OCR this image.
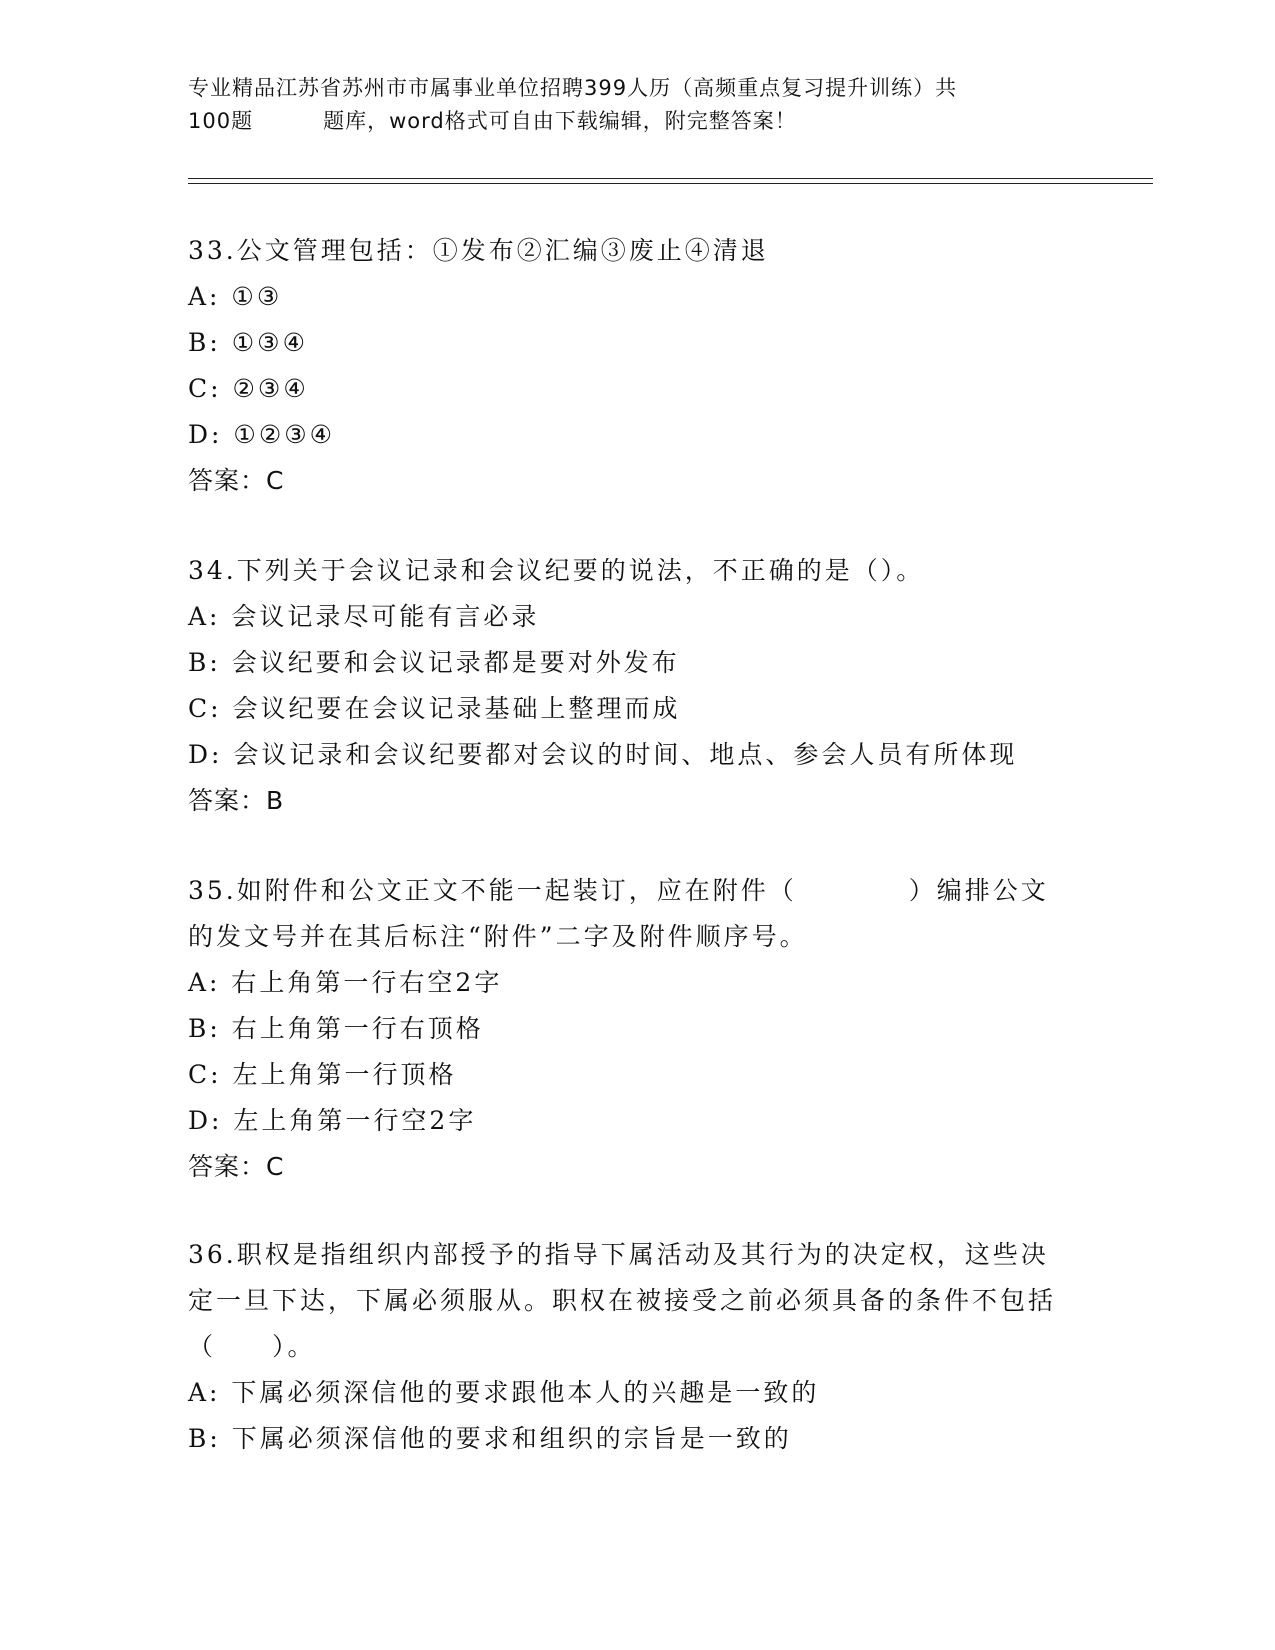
专业精品江苏省苏州市市属事业单位招聘399人历（高频重点复习提升训练）共
100题	题库，word格式可自由下载编辑，附完整答案！

33.公文管理包括：①发布②汇编③废止④清退

A: ①③

B: ①③④

C: ②③④

D: ①②③④

答案：C

34.下列关于会议记录和会议纪要的说法，不正确的是（）。

A: 会议记录尽可能有言必录

B: 会议纪要和会议记录都是要对外发布

C: 会议纪要在会议记录基础上整理而成

D: 会议记录和会议纪要都对会议的时间、地点、参会人员有所体现

答案：B

35.如附件和公文正文不能一起装订，应在附件（　　　　）编排公文的发文号并在其后标注“附件”二字及附件顺序号。

A: 右上角第一行右空2字

B: 右上角第一行右顶格

C: 左上角第一行顶格

D: 左上角第一行空2字

答案：C

36.职权是指组织内部授予的指导下属活动及其行为的决定权，这些决定一旦下达，下属必须服从。职权在被接受之前必须具备的条件不包括（　　）。

A: 下属必须深信他的要求跟他本人的兴趣是一致的

B: 下属必须深信他的要求和组织的宗旨是一致的
